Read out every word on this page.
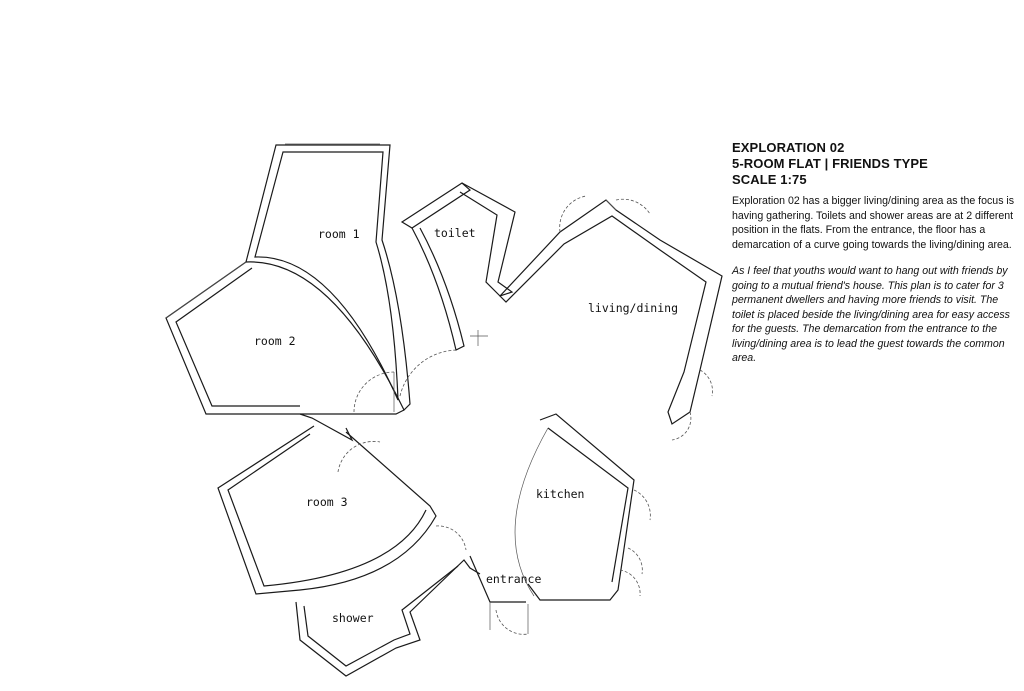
room 1	toilet
room 2
living/dining
room 3
kitchen
entrance
shower

EXPLORATION 02

5-ROOM FLAT | FRIENDS TYPE

SCALE 1:75

Exploration 02 has a bigger living/dining area as the focus is having gathering. Toilets and shower areas are at 2 different position in the flats. From the entrance, the floor has a demarcation of a curve going towards the living/dining area.

As I feel that youths would want to hang out with friends by going to a mutual friend's house. This plan is to cater for 3 permanent dwellers and having more friends to visit. The toilet is placed beside the living/dining area for easy access for the guests. The demarcation from the entrance to the living/dining area is to lead the guest towards the common area.
